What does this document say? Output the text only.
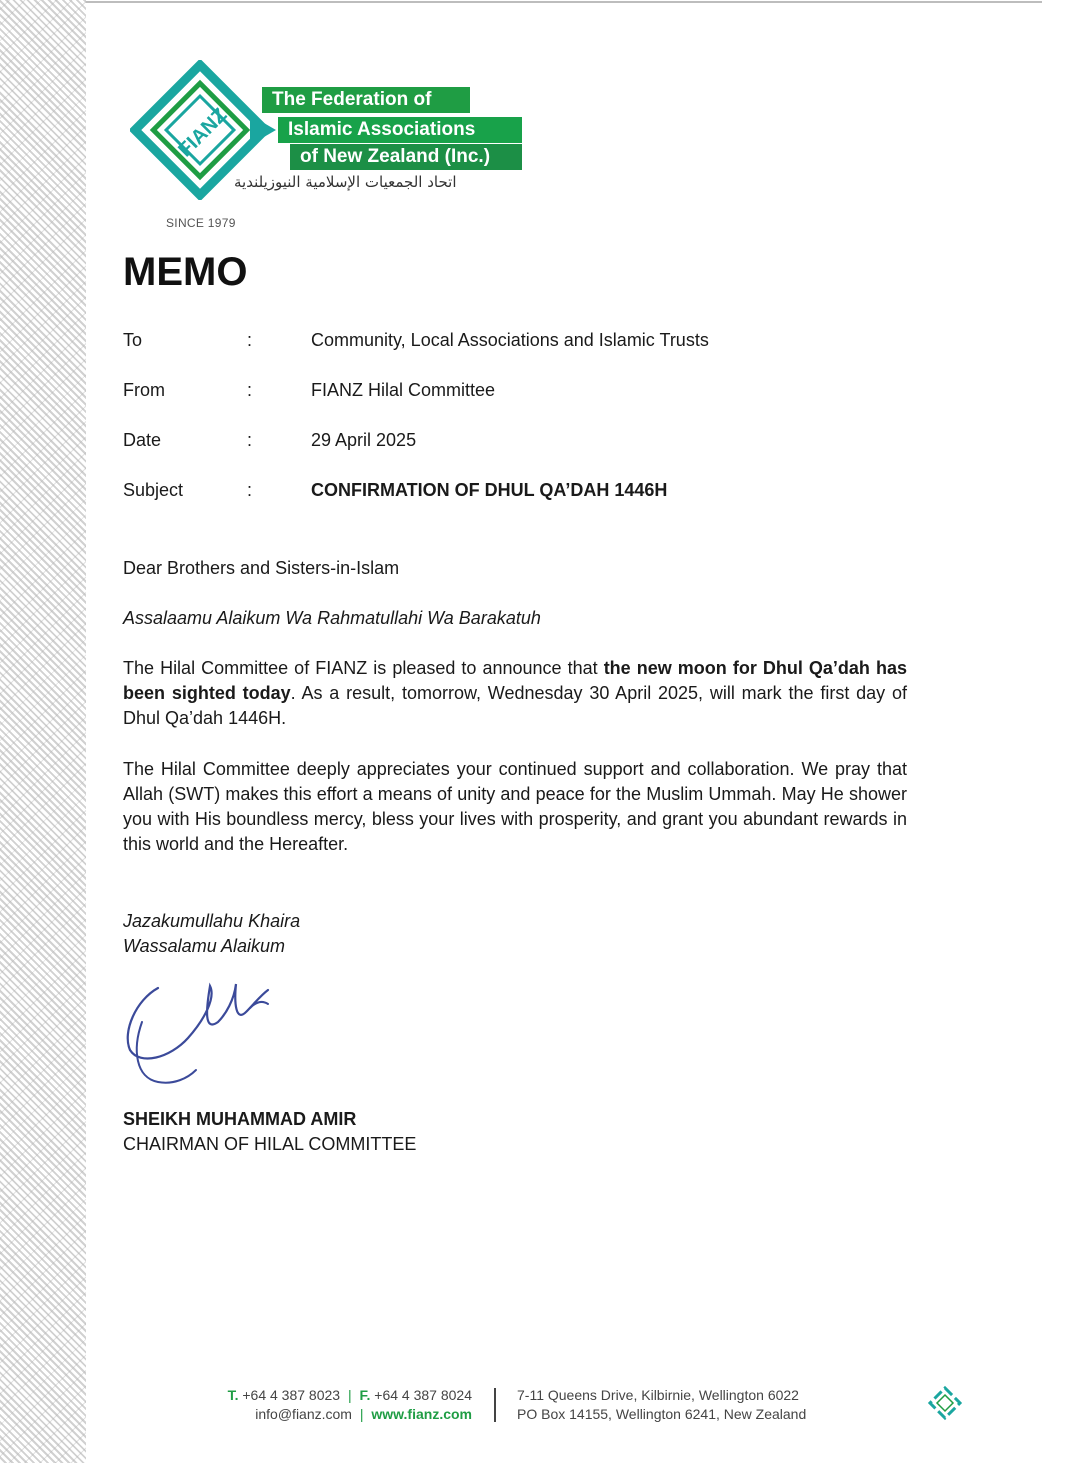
FIANZ
The Federation of
Islamic Associations
of New Zealand (Inc.)
اتحاد الجمعيات الإسلامية النيوزيلندية
SINCE 1979
MEMO
To	:	Community, Local Associations and Islamic Trusts
From	:	FIANZ Hilal Committee
Date	:	29 April 2025
Subject	:	CONFIRMATION OF DHUL QA’DAH 1446H

Dear Brothers and Sisters-in-Islam

Assalaamu Alaikum Wa Rahmatullahi Wa Barakatuh

The Hilal Committee of FIANZ is pleased to announce that the new moon for Dhul Qa’dah has been sighted today. As a result, tomorrow, Wednesday 30 April 2025, will mark the first day of Dhul Qa’dah 1446H.

The Hilal Committee deeply appreciates your continued support and collaboration. We pray that Allah (SWT) makes this effort a means of unity and peace for the Muslim Ummah. May He shower you with His boundless mercy, bless your lives with prosperity, and grant you abundant rewards in this world and the Hereafter.

Jazakumullahu Khaira

Wassalamu Alaikum

SHEIKH MUHAMMAD AMIR
CHAIRMAN OF HILAL COMMITTEE
T. +64 4 387 8023 | F. +64 4 387 8024
info@fianz.com | www.fianz.com
7-11 Queens Drive, Kilbirnie, Wellington 6022
PO Box 14155, Wellington 6241, New Zealand
